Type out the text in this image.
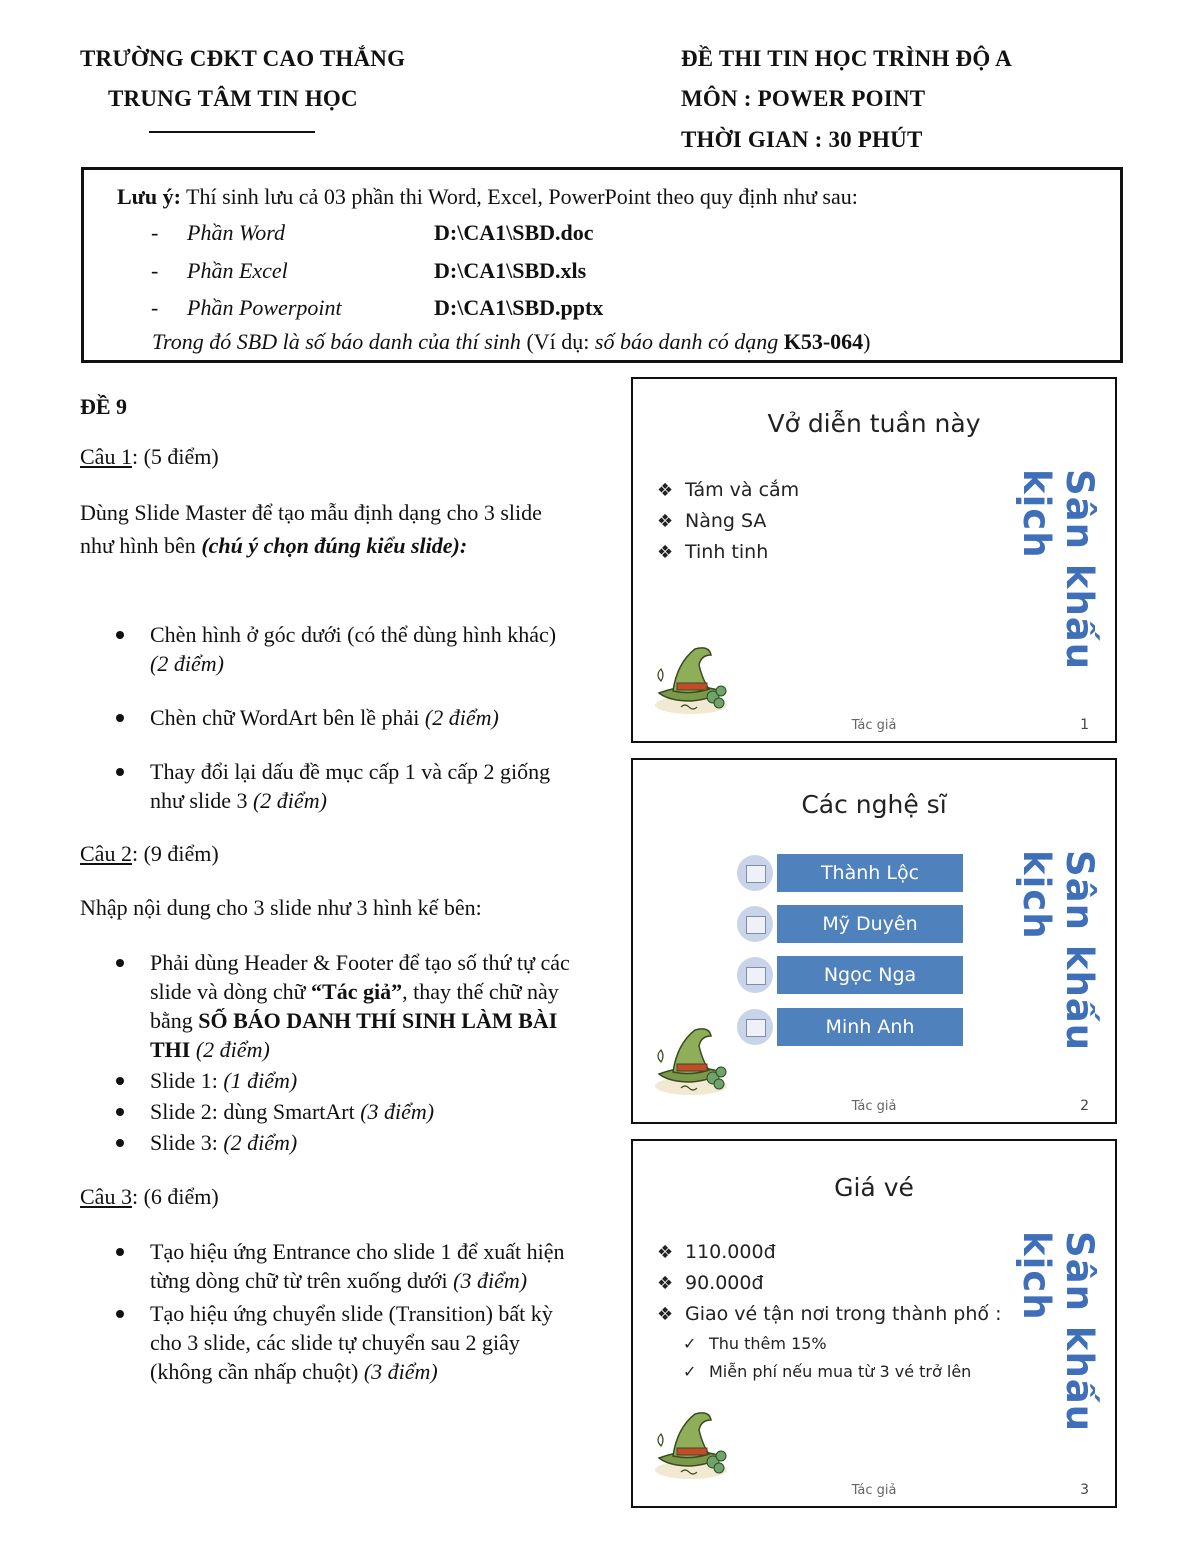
TRƯỜNG CĐKT CAO THẮNG
TRUNG TÂM TIN HỌC
ĐỀ THI TIN HỌC TRÌNH ĐỘ A
MÔN : POWER POINT
THỜI GIAN : 30 PHÚT
Lưu ý: Thí sinh lưu cả 03 phần thi Word, Excel, PowerPoint theo quy định như sau:
- Phần Word	D:\CA1\SBD.doc
- Phần Excel	D:\CA1\SBD.xls
- Phần Powerpoint	D:\CA1\SBD.pptx
Trong đó SBD là số báo danh của thí sinh (Ví dụ: số báo danh có dạng K53-064)
ĐỀ 9
Câu 1: (5 điểm)
Dùng Slide Master để tạo mẫu định dạng cho 3 slide như hình bên (chú ý chọn đúng kiểu slide):
Chèn hình ở góc dưới (có thể dùng hình khác) (2 điểm)
Chèn chữ WordArt bên lề phải (2 điểm)
Thay đổi lại dấu đề mục cấp 1 và cấp 2 giống như slide 3 (2 điểm)
Câu 2: (9 điểm)
Nhập nội dung cho 3 slide như 3 hình kế bên:
Phải dùng Header & Footer để tạo số thứ tự các slide và dòng chữ “Tác giả”, thay thế chữ này bằng SỐ BÁO DANH THÍ SINH LÀM BÀI THI (2 điểm)
Slide 1: (1 điểm)
Slide 2: dùng SmartArt (3 điểm)
Slide 3: (2 điểm)
Câu 3: (6 điểm)
Tạo hiệu ứng Entrance cho slide 1 để xuất hiện từng dòng chữ từ trên xuống dưới (3 điểm)
Tạo hiệu ứng chuyển slide (Transition) bất kỳ cho 3 slide, các slide tự chuyển sau 2 giây (không cần nhấp chuột) (3 điểm)
Vở diễn tuần này
❖ Tám và cắm
❖ Nàng SA
❖ Tinh tinh	Sân khấu kịch
Tác giả	1
Các nghệ sĩ
Thành Lộc
Mỹ Duyên
Ngọc Nga
Minh Anh	Sân khấu kịch
Tác giả	2
Giá vé
❖ 110.000đ
❖ 90.000đ
❖ Giao vé tận nơi trong thành phố :
✓ Thu thêm 15%
✓ Miễn phí nếu mua từ 3 vé trở lên	Sân khấu kịch
Tác giả	3
